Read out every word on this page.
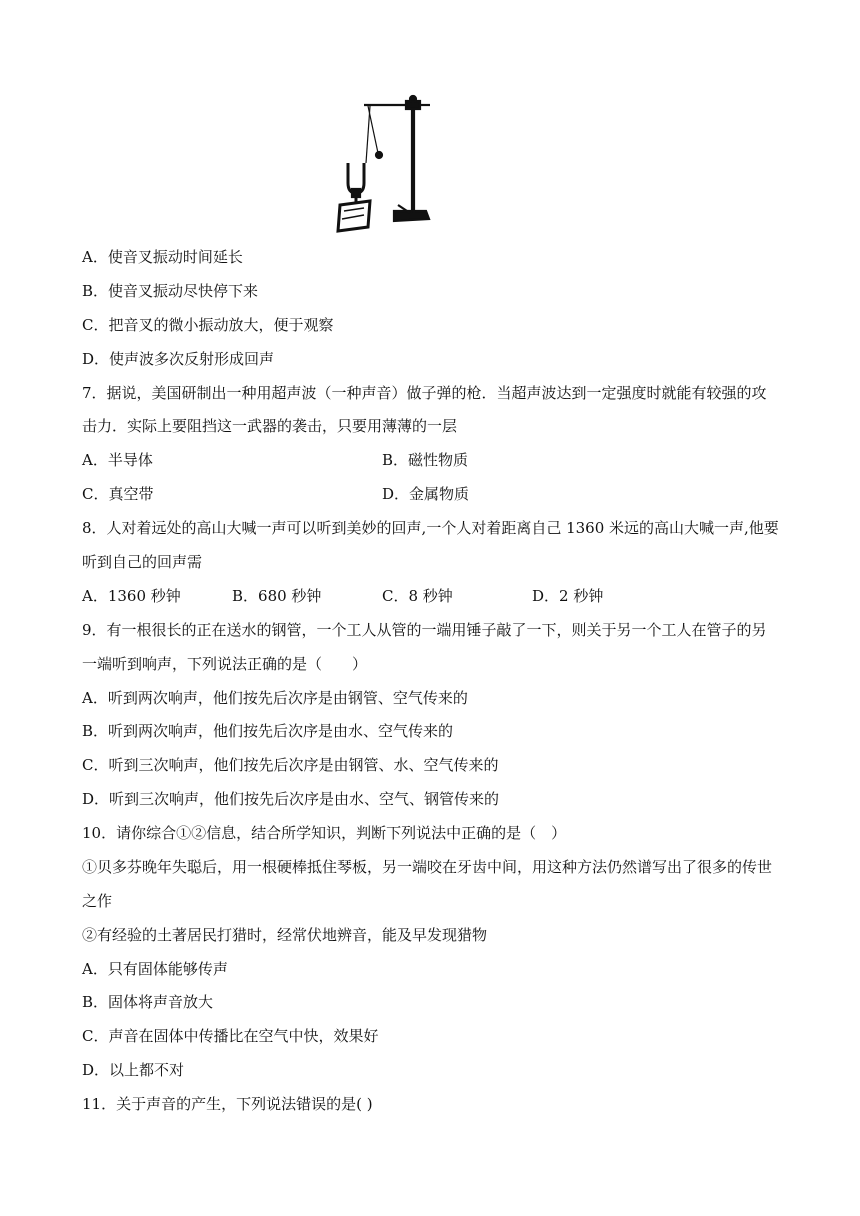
A．使音叉振动时间延长
B．使音叉振动尽快停下来
C．把音叉的微小振动放大，便于观察
D．使声波多次反射形成回声
7．据说，美国研制出一种用超声波（一种声音）做子弹的枪．当超声波达到一定强度时就能有较强的攻
击力．实际上要阻挡这一武器的袭击，只要用薄薄的一层
A．半导体	B．磁性物质
C．真空带	D．金属物质
8．人对着远处的高山大喊一声可以听到美妙的回声,一个人对着距离自己 1360 米远的高山大喊一声,他要
听到自己的回声需
A．1360 秒钟	B．680 秒钟	C．8 秒钟	D．2 秒钟
9．有一根很长的正在送水的钢管，一个工人从管的一端用锤子敲了一下，则关于另一个工人在管子的另
一端听到响声，下列说法正确的是（　　）
A．听到两次响声，他们按先后次序是由钢管、空气传来的
B．听到两次响声，他们按先后次序是由水、空气传来的
C．听到三次响声，他们按先后次序是由钢管、水、空气传来的
D．听到三次响声，他们按先后次序是由水、空气、钢管传来的
10．请你综合①②信息，结合所学知识，判断下列说法中正确的是（　）
①贝多芬晚年失聪后，用一根硬棒抵住琴板，另一端咬在牙齿中间，用这种方法仍然谱写出了很多的传世
之作
②有经验的土著居民打猎时，经常伏地辨音，能及早发现猎物
A．只有固体能够传声
B．固体将声音放大
C．声音在固体中传播比在空气中快，效果好
D．以上都不对
11．关于声音的产生，下列说法错误的是( )
